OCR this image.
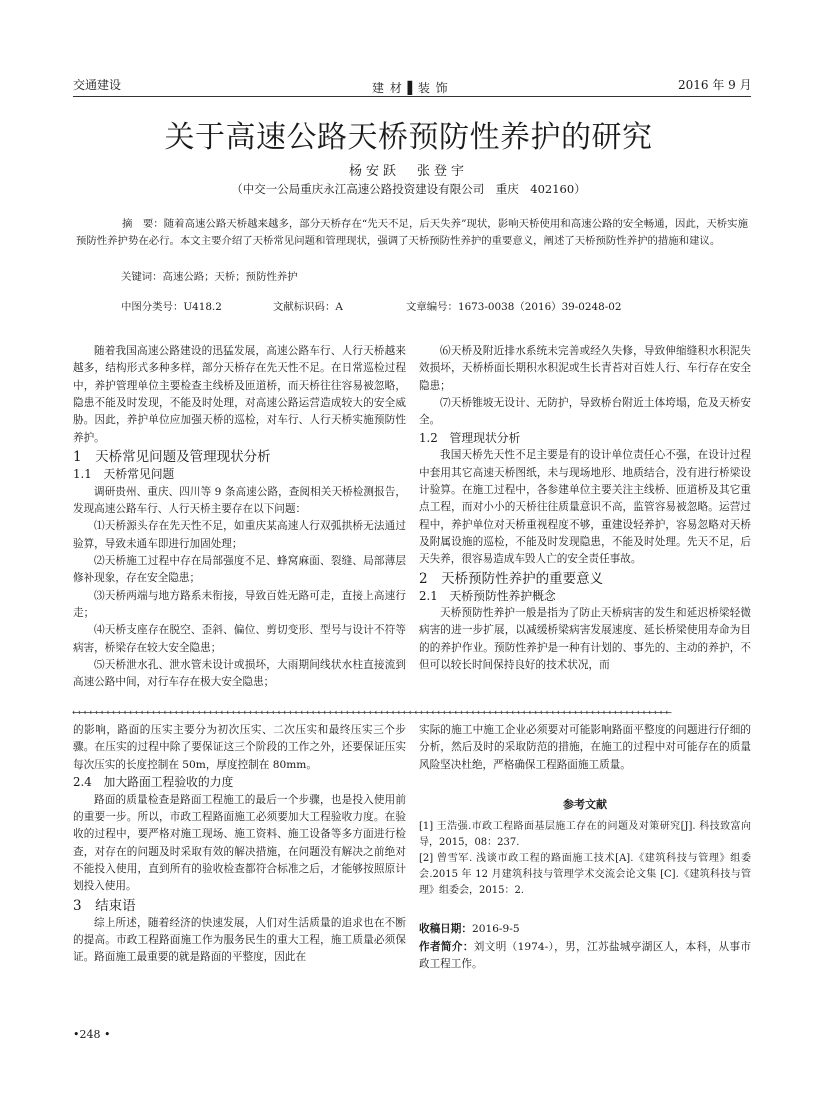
交通建设	建 材 ▌装 饰	2016 年 9 月
关于高速公路天桥预防性养护的研究
杨安跃　张登宇
（中交一公局重庆永江高速公路投资建设有限公司　重庆　402160）
摘　要：随着高速公路天桥越来越多，部分天桥存在“先天不足，后天失养”现状，影响天桥使用和高速公路的安全畅通，因此，天桥实施预防性养护势在必行。本文主要介绍了天桥常见问题和管理现状，强调了天桥预防性养护的重要意义，阐述了天桥预防性养护的措施和建议。
关键词：高速公路；天桥；预防性养护
中图分类号：U418.2	文献标识码：A	文章编号：1673-0038（2016）39-0248-02

随着我国高速公路建设的迅猛发展，高速公路车行、人行天桥越来越多，结构形式多种多样，部分天桥存在先天性不足。在日常巡检过程中，养护管理单位主要检查主线桥及匝道桥，而天桥往往容易被忽略，隐患不能及时发现，不能及时处理，对高速公路运营造成较大的安全威胁。因此，养护单位应加强天桥的巡检，对车行、人行天桥实施预防性养护。

1　天桥常见问题及管理现状分析
1.1　天桥常见问题

调研贵州、重庆、四川等 9 条高速公路，查阅相关天桥检测报告，发现高速公路车行、人行天桥主要存在以下问题：

⑴天桥源头存在先天性不足，如重庆某高速人行双弧拱桥无法通过验算，导致未通车即进行加固处理；

⑵天桥施工过程中存在局部强度不足、蜂窝麻面、裂缝、局部薄层修补现象，存在安全隐患；

⑶天桥两端与地方路系未衔接，导致百姓无路可走，直接上高速行走；

⑷天桥支座存在脱空、歪斜、偏位、剪切变形、型号与设计不符等病害，桥梁存在较大安全隐患；

⑸天桥泄水孔、泄水管未设计或损坏，大雨期间线状水柱直接流到高速公路中间，对行车存在极大安全隐患；

⑹天桥及附近排水系统未完善或经久失修，导致伸缩缝积水积泥失效损坏，天桥桥面长期积水积泥或生长青苔对百姓人行、车行存在安全隐患；

⑺天桥锥坡无设计、无防护，导致桥台附近土体垮塌，危及天桥安全。

1.2　管理现状分析

我国天桥先天性不足主要是有的设计单位责任心不强，在设计过程中套用其它高速天桥图纸，未与现场地形、地质结合，没有进行桥梁设计验算。在施工过程中，各参建单位主要关注主线桥、匝道桥及其它重点工程，而对小小的天桥往往质量意识不高，监管容易被忽略。运营过程中，养护单位对天桥重视程度不够，重建设轻养护，容易忽略对天桥及附属设施的巡检，不能及时发现隐患，不能及时处理。先天不足，后天失养，很容易造成车毁人亡的安全责任事故。

2　天桥预防性养护的重要意义
2.1　天桥预防性养护概念

天桥预防性养护一般是指为了防止天桥病害的发生和延迟桥梁轻微病害的进一步扩展，以减缓桥梁病害发展速度、延长桥梁使用寿命为目的的养护作业。预防性养护是一种有计划的、事先的、主动的养护，不但可以较长时间保持良好的技术状况，而

←←←←←←←←←←←←←←←←←←←←←←←←←←←←←←←←←←←←←←←←←←←←←←←←←←←←←←←←←←←←←←←←←←←←←←←←←←←←←←←←←←←←←←←←←←←←←←←←←←←←←←←←←

的影响，路面的压实主要分为初次压实、二次压实和最终压实三个步骤。在压实的过程中除了要保证这三个阶段的工作之外，还要保证压实每次压实的长度控制在 50m，厚度控制在 80mm。

2.4　加大路面工程验收的力度

路面的质量检查是路面工程施工的最后一个步骤，也是投入使用前的重要一步。所以，市政工程路面施工必须要加大工程验收力度。在验收的过程中，要严格对施工现场、施工资料、施工设备等多方面进行检查，对存在的问题及时采取有效的解决措施，在问题没有解决之前绝对不能投入使用，直到所有的验收检查都符合标准之后，才能够按照原计划投入使用。

3　结束语

综上所述，随着经济的快速发展，人们对生活质量的追求也在不断的提高。市政工程路面施工作为服务民生的重大工程，施工质量必须保证。路面施工最重要的就是路面的平整度，因此在

实际的施工中施工企业必须要对可能影响路面平整度的问题进行仔细的分析，然后及时的采取防范的措施，在施工的过程中对可能存在的质量风险坚决杜绝，严格确保工程路面施工质量。

参考文献

[1] 王浩强.市政工程路面基层施工存在的问题及对策研究[J]. 科技致富向导，2015，08：237.

[2] 曾雪军. 浅谈市政工程的路面施工技术[A].《建筑科技与管理》组委会.2015 年 12 月建筑科技与管理学术交流会论文集 [C].《建筑科技与管理》组委会，2015：2.

收稿日期：2016-9-5

作者简介：刘文明（1974-），男，江苏盐城亭湖区人，本科，从事市政工程工作。

•248 •
